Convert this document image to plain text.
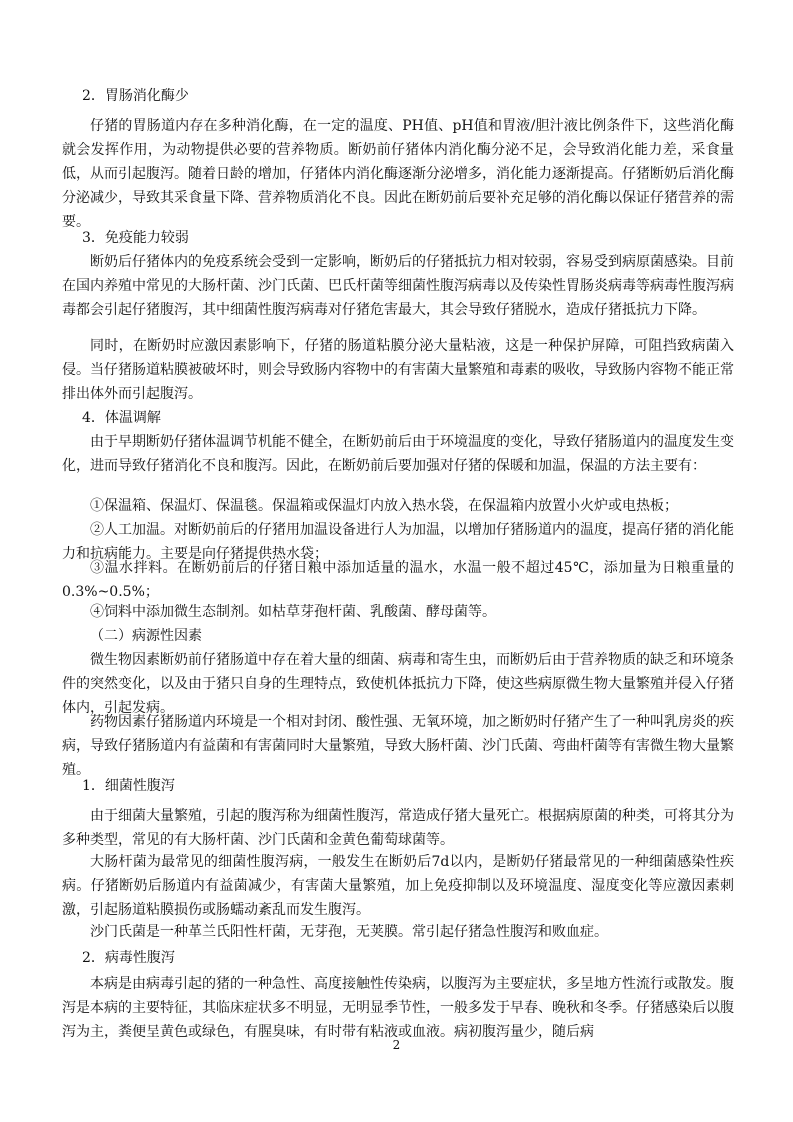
2．胃肠消化酶少

仔猪的胃肠道内存在多种消化酶，在一定的温度、PH值、pH值和胃液/胆汁液比例条件下，这些消化酶就会发挥作用，为动物提供必要的营养物质。断奶前仔猪体内消化酶分泌不足，会导致消化能力差，采食量低，从而引起腹泻。随着日龄的增加，仔猪体内消化酶逐渐分泌增多，消化能力逐渐提高。仔猪断奶后消化酶分泌减少，导致其采食量下降、营养物质消化不良。因此在断奶前后要补充足够的消化酶以保证仔猪营养的需要。

3．免疫能力较弱

断奶后仔猪体内的免疫系统会受到一定影响，断奶后的仔猪抵抗力相对较弱，容易受到病原菌感染。目前在国内养殖中常见的大肠杆菌、沙门氏菌、巴氏杆菌等细菌性腹泻病毒以及传染性胃肠炎病毒等病毒性腹泻病毒都会引起仔猪腹泻，其中细菌性腹泻病毒对仔猪危害最大，其会导致仔猪脱水，造成仔猪抵抗力下降。

同时，在断奶时应激因素影响下，仔猪的肠道粘膜分泌大量粘液，这是一种保护屏障，可阻挡致病菌入侵。当仔猪肠道粘膜被破坏时，则会导致肠内容物中的有害菌大量繁殖和毒素的吸收，导致肠内容物不能正常排出体外而引起腹泻。

4．体温调解

由于早期断奶仔猪体温调节机能不健全，在断奶前后由于环境温度的变化，导致仔猪肠道内的温度发生变化，进而导致仔猪消化不良和腹泻。因此，在断奶前后要加强对仔猪的保暖和加温，保温的方法主要有：

①保温箱、保温灯、保温毯。保温箱或保温灯内放入热水袋，在保温箱内放置小火炉或电热板；

②人工加温。对断奶前后的仔猪用加温设备进行人为加温，以增加仔猪肠道内的温度，提高仔猪的消化能力和抗病能力。主要是向仔猪提供热水袋；

③温水拌料。在断奶前后的仔猪日粮中添加适量的温水，水温一般不超过45℃，添加量为日粮重量的0.3%~0.5%；

④饲料中添加微生态制剂。如枯草芽孢杆菌、乳酸菌、酵母菌等。

（二）病源性因素

微生物因素断奶前仔猪肠道中存在着大量的细菌、病毒和寄生虫，而断奶后由于营养物质的缺乏和环境条件的突然变化，以及由于猪只自身的生理特点，致使机体抵抗力下降，使这些病原微生物大量繁殖并侵入仔猪体内，引起发病。

药物因素仔猪肠道内环境是一个相对封闭、酸性强、无氧环境，加之断奶时仔猪产生了一种叫乳房炎的疾病，导致仔猪肠道内有益菌和有害菌同时大量繁殖，导致大肠杆菌、沙门氏菌、弯曲杆菌等有害微生物大量繁殖。

1．细菌性腹泻

由于细菌大量繁殖，引起的腹泻称为细菌性腹泻，常造成仔猪大量死亡。根据病原菌的种类，可将其分为多种类型，常见的有大肠杆菌、沙门氏菌和金黄色葡萄球菌等。

大肠杆菌为最常见的细菌性腹泻病，一般发生在断奶后7d以内，是断奶仔猪最常见的一种细菌感染性疾病。仔猪断奶后肠道内有益菌减少，有害菌大量繁殖，加上免疫抑制以及环境温度、湿度变化等应激因素刺激，引起肠道粘膜损伤或肠蠕动紊乱而发生腹泻。

沙门氏菌是一种革兰氏阳性杆菌，无芽孢，无荚膜。常引起仔猪急性腹泻和败血症。

2．病毒性腹泻

本病是由病毒引起的猪的一种急性、高度接触性传染病，以腹泻为主要症状，多呈地方性流行或散发。腹泻是本病的主要特征，其临床症状多不明显，无明显季节性，一般多发于早春、晚秋和冬季。仔猪感染后以腹泻为主，粪便呈黄色或绿色，有腥臭味，有时带有粘液或血液。病初腹泻量少，随后病

2
